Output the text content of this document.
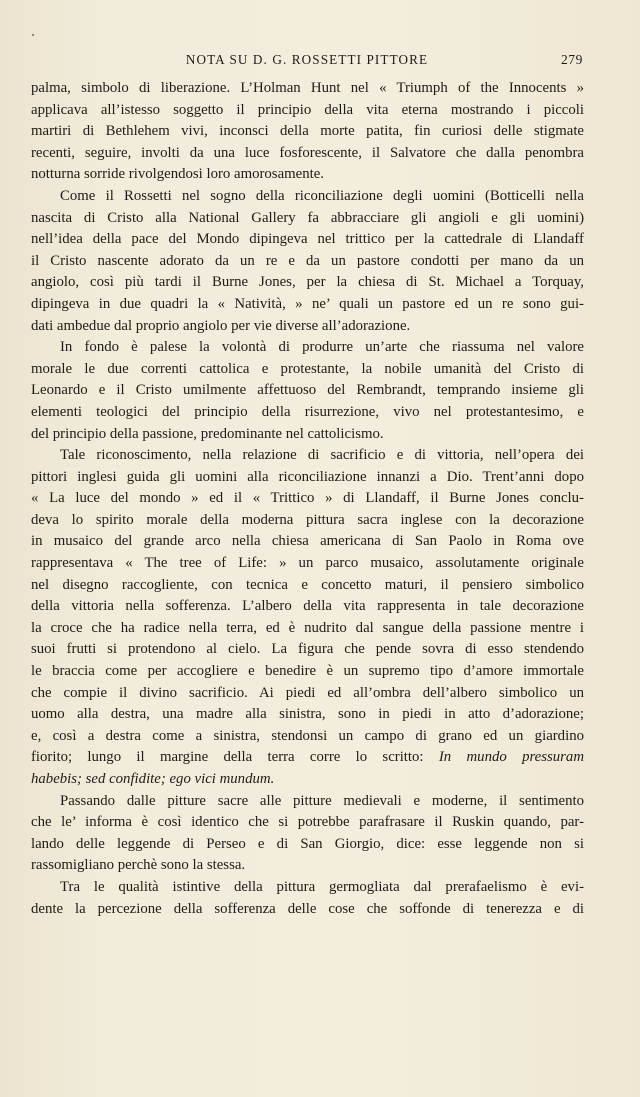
NOTA SU D. G. ROSSETTI PITTORE	279
palma, simbolo di liberazione. L’Holman Hunt nel « Triumph of the Innocents »
applicava all’istesso soggetto il principio della vita eterna mostrando i piccoli
martiri di Bethlehem vivi, inconsci della morte patita, fin curiosi delle stigmate
recenti, seguire, involti da una luce fosforescente, il Salvatore che dalla penombra
notturna sorride rivolgendosi loro amorosamente.
Come il Rossetti nel sogno della riconciliazione degli uomini (Botticelli nella
nascita di Cristo alla National Gallery fa abbracciare gli angioli e gli uomini)
nell’idea della pace del Mondo dipingeva nel trittico per la cattedrale di Llandaff
il Cristo nascente adorato da un re e da un pastore condotti per mano da un
angiolo, così più tardi il Burne Jones, per la chiesa di St. Michael a Torquay,
dipingeva in due quadri la « Natività, » ne’ quali un pastore ed un re sono gui-
dati ambedue dal proprio angiolo per vie diverse all’adorazione.
In fondo è palese la volontà di produrre un’arte che riassuma nel valore
morale le due correnti cattolica e protestante, la nobile umanità del Cristo di
Leonardo e il Cristo umilmente affettuoso del Rembrandt, temprando insieme gli
elementi teologici del principio della risurrezione, vivo nel protestantesimo, e
del principio della passione, predominante nel cattolicismo.
Tale riconoscimento, nella relazione di sacrificio e di vittoria, nell’opera dei
pittori inglesi guida gli uomini alla riconciliazione innanzi a Dio. Trent’anni dopo
« La luce del mondo » ed il « Trittico » di Llandaff, il Burne Jones conclu-
deva lo spirito morale della moderna pittura sacra inglese con la decorazione
in musaico del grande arco nella chiesa americana di San Paolo in Roma ove
rappresentava « The tree of Life: » un parco musaico, assolutamente originale
nel disegno raccogliente, con tecnica e concetto maturi, il pensiero simbolico
della vittoria nella sofferenza. L’albero della vita rappresenta in tale decorazione
la croce che ha radice nella terra, ed è nudrito dal sangue della passione mentre i
suoi frutti si protendono al cielo. La figura che pende sovra di esso stendendo
le braccia come per accogliere e benedire è un supremo tipo d’amore immortale
che compie il divino sacrificio. Ai piedi ed all’ombra dell’albero simbolico un
uomo alla destra, una madre alla sinistra, sono in piedi in atto d’adorazione;
e, così a destra come a sinistra, stendonsi un campo di grano ed un giardino
fiorito; lungo il margine della terra corre lo scritto: In mundo pressuram
habebis; sed confidite; ego vici mundum.
Passando dalle pitture sacre alle pitture medievali e moderne, il sentimento
che le’ informa è così identico che si potrebbe parafrasare il Ruskin quando, par-
lando delle leggende di Perseo e di San Giorgio, dice: esse leggende non si
rassomigliano perchè sono la stessa.
Tra le qualità istintive della pittura germogliata dal prerafaelismo è evi-
dente la percezione della sofferenza delle cose che soffonde di tenerezza e di
